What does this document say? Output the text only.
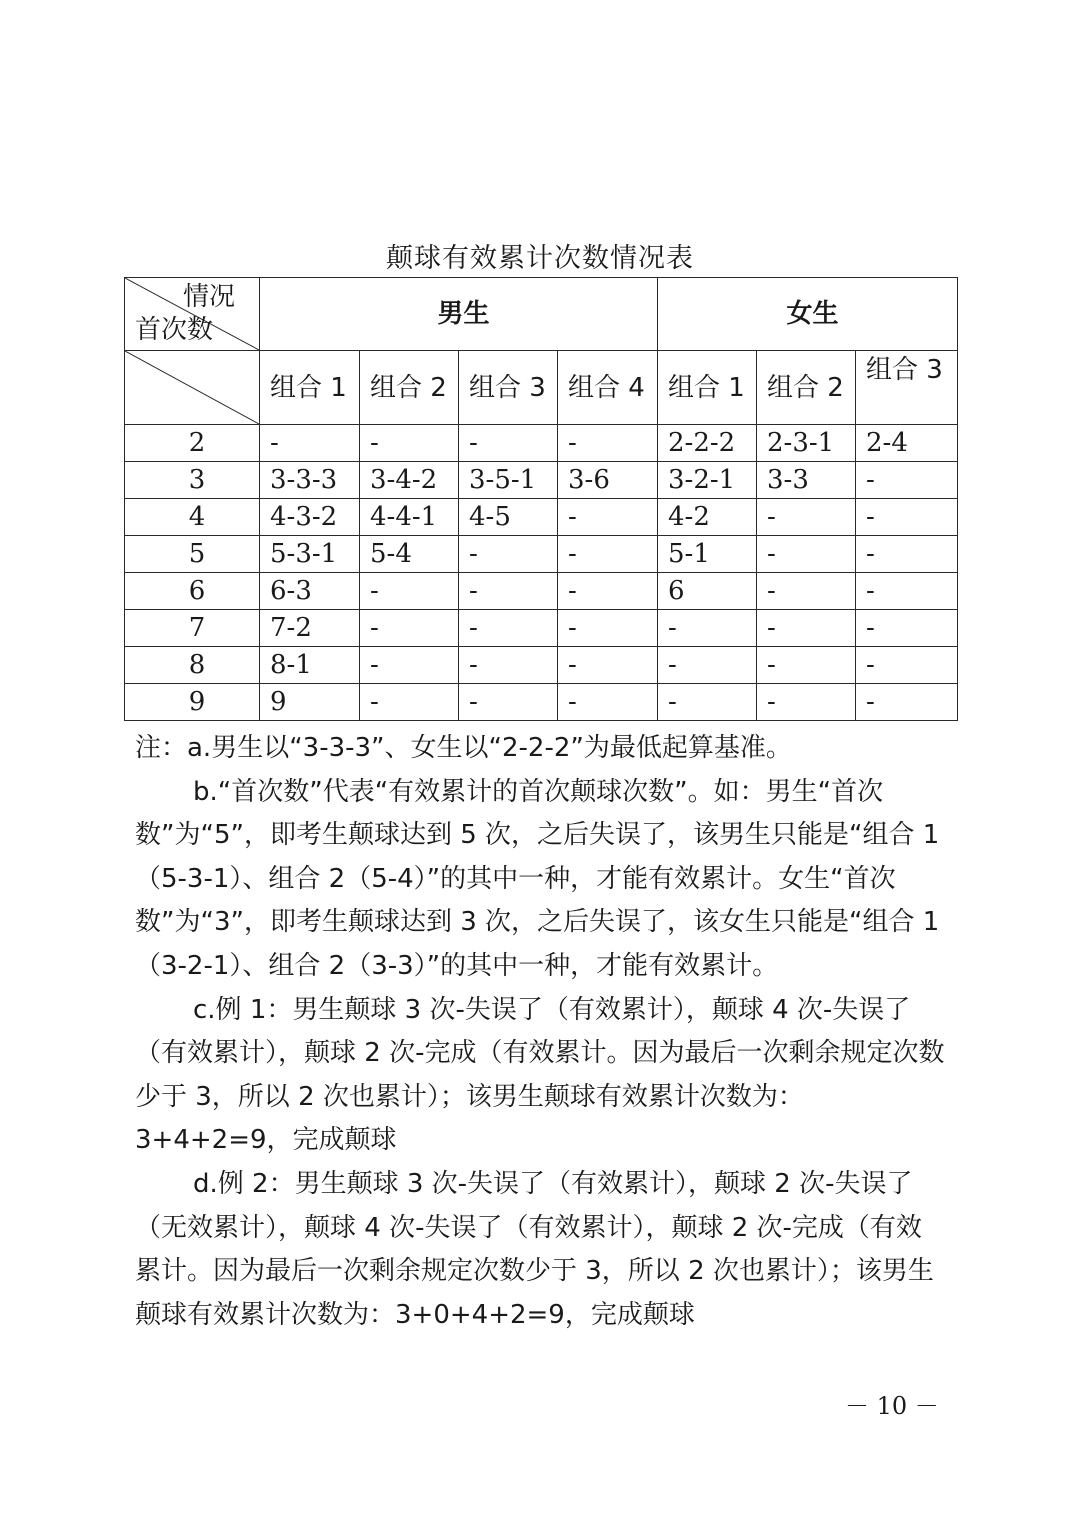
颠球有效累计次数情况表
情况
首次数	男生				女生		

	组合 1	组合 2	组合 3	组合 4	组合 1	组合 2	组合 3
2	-	-	-	-	2-2-2	2-3-1	2-4
3	3-3-3	3-4-2	3-5-1	3-6	3-2-1	3-3	-
4	4-3-2	4-4-1	4-5	-	4-2	-	-
5	5-3-1	5-4	-	-	5-1	-	-
6	6-3	-	-	-	6	-	-
7	7-2	-	-	-	-	-	-
8	8-1	-	-	-	-	-	-
9	9	-	-	-	-	-	-

注：a.男生以“3-3-3”、女生以“2-2-2”为最低起算基准。

b.“首次数”代表“有效累计的首次颠球次数”。如：男生“首次数”为“5”，即考生颠球达到 5 次，之后失误了，该男生只能是“组合 1（5-3-1）、组合 2（5-4）”的其中一种，才能有效累计。女生“首次数”为“3”，即考生颠球达到 3 次，之后失误了，该女生只能是“组合 1（3-2-1）、组合 2（3-3）”的其中一种，才能有效累计。

c.例 1：男生颠球 3 次-失误了（有效累计），颠球 4 次-失误了（有效累计），颠球 2 次-完成（有效累计。因为最后一次剩余规定次数少于 3，所以 2 次也累计）；该男生颠球有效累计次数为：3+4+2=9，完成颠球

d.例 2：男生颠球 3 次-失误了（有效累计），颠球 2 次-失误了（无效累计），颠球 4 次-失误了（有效累计），颠球 2 次-完成（有效累计。因为最后一次剩余规定次数少于 3，所以 2 次也累计）；该男生颠球有效累计次数为：3+0+4+2=9，完成颠球

－ 10 －
